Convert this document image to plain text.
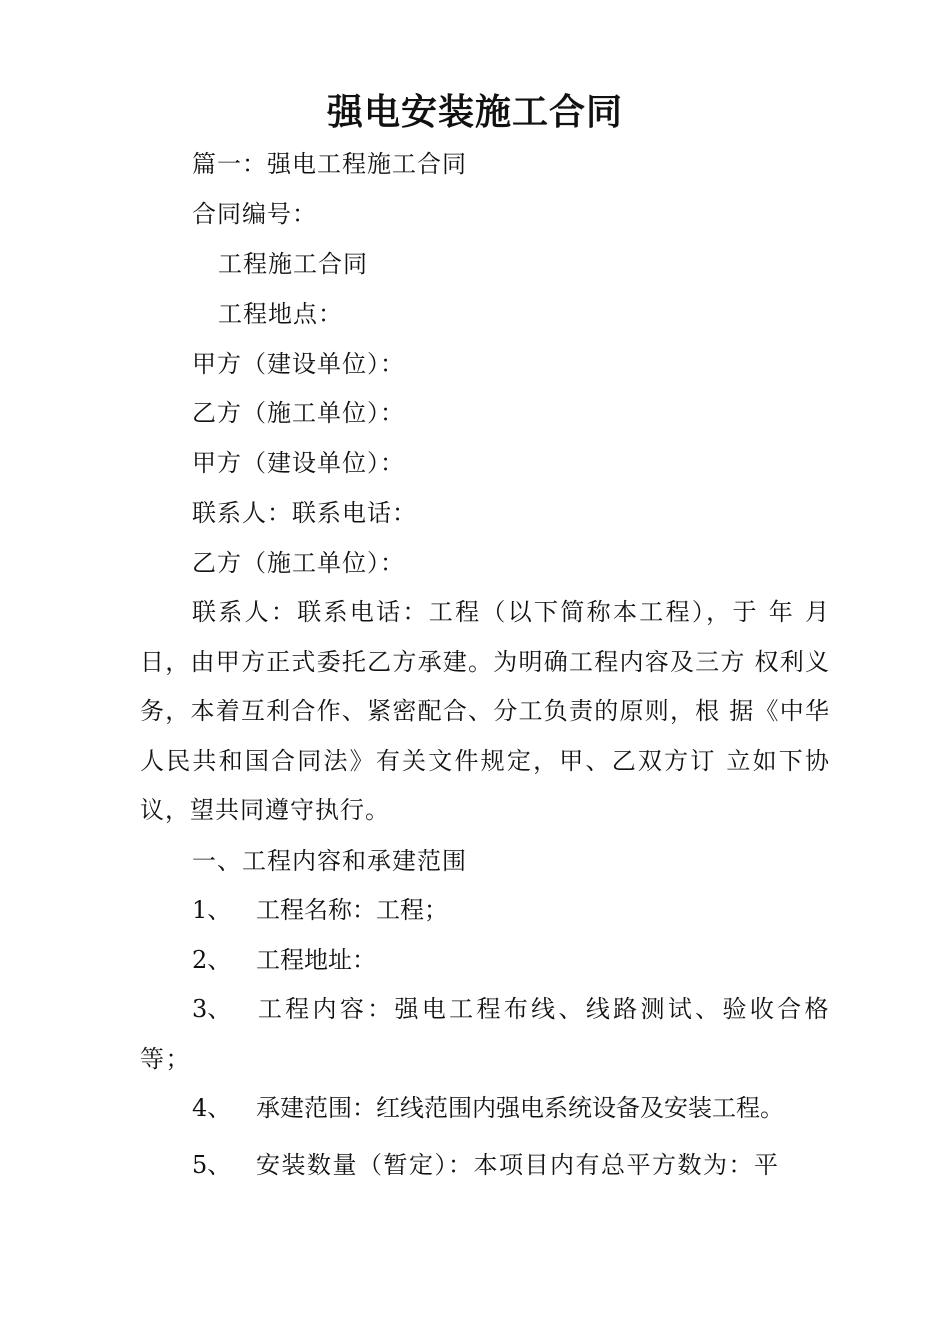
强电安装施工合同
篇一：强电工程施工合同
合同编号：
工程施工合同
工程地点：
甲方（建设单位）：
乙方（施工单位）：
甲方（建设单位）：
联系人：联系电话：
乙方（施工单位）：
联系人：联系电话：工程（以下简称本工程），于 年 月日，由甲方正式委托乙方承建。为明确工程内容及三方 权利义务，本着互利合作、紧密配合、分工负责的原则，根 据《中华人民共和国合同法》有关文件规定，甲、乙双方订 立如下协议，望共同遵守执行。
一、工程内容和承建范围
1、 工程名称：工程；
2、 工程地址：
3、 工程内容：强电工程布线、线路测试、验收合格等；
4、 承建范围：红线范围内强电系统设备及安装工程。
5、 安装数量（暂定）：本项目内有总平方数为：平
